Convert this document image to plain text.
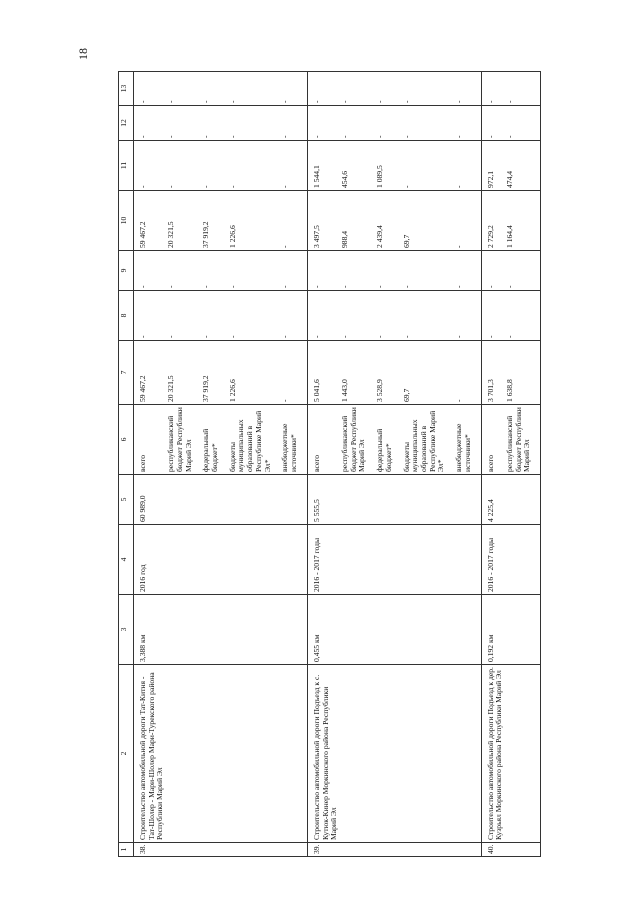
18
1	2	3	4	5	6	7	8	9	10	11	12	13
38.	Строительство автомобильной дороги Тат-Китня - Тат-Шолер - Мари-Шолер Мари-Турекского района Республики Марий Эл	3,388 км	2016 год	60 989,0	всего	59 467,2	-	-	59 467,2	-	-	-
					республиканский бюджет Республики Марий Эл	20 321,5	-	-	20 321,5	-	-	-
					федеральный бюджет*	37 919,2	-	-	37 919,2	-	-	-
					бюджеты муниципальных образований в Республике Марий Эл*	1 226,6	-	-	1 226,6	-	-	-
					внебюджетные источники*	-	-	-	-	-	-	-
39.	Строительство автомобильной дороги Подъезд к с. Кутюк-Кинер Моркинского района Республики Марий Эл	0,455 км	2016 - 2017 годы	5 555,5	всего	5 041,6	-	-	3 497,5	1 544,1	-	-
					республиканский бюджет Республики Марий Эл	1 443,0	-	-	988,4	454,6	-	-
					федеральный бюджет*	3 528,9	-	-	2 439,4	1 089,5	-	-
					бюджеты муниципальных образований в Республике Марий Эл*	69,7	-	-	69,7	-	-	-
					внебюджетные источники*	-	-	-	-	-	-	-
40.	Строительство автомобильной дороги Подъезд к дер. Кузрьял Моркинского района Республики Марий Эл	0,192 км	2016 - 2017 годы	4 225,4	всего	3 701,3	-	-	2 729,2	972,1	-	-
					республиканский бюджет Республики Марий Эл	1 638,8	-	-	1 164,4	474,4	-	-
